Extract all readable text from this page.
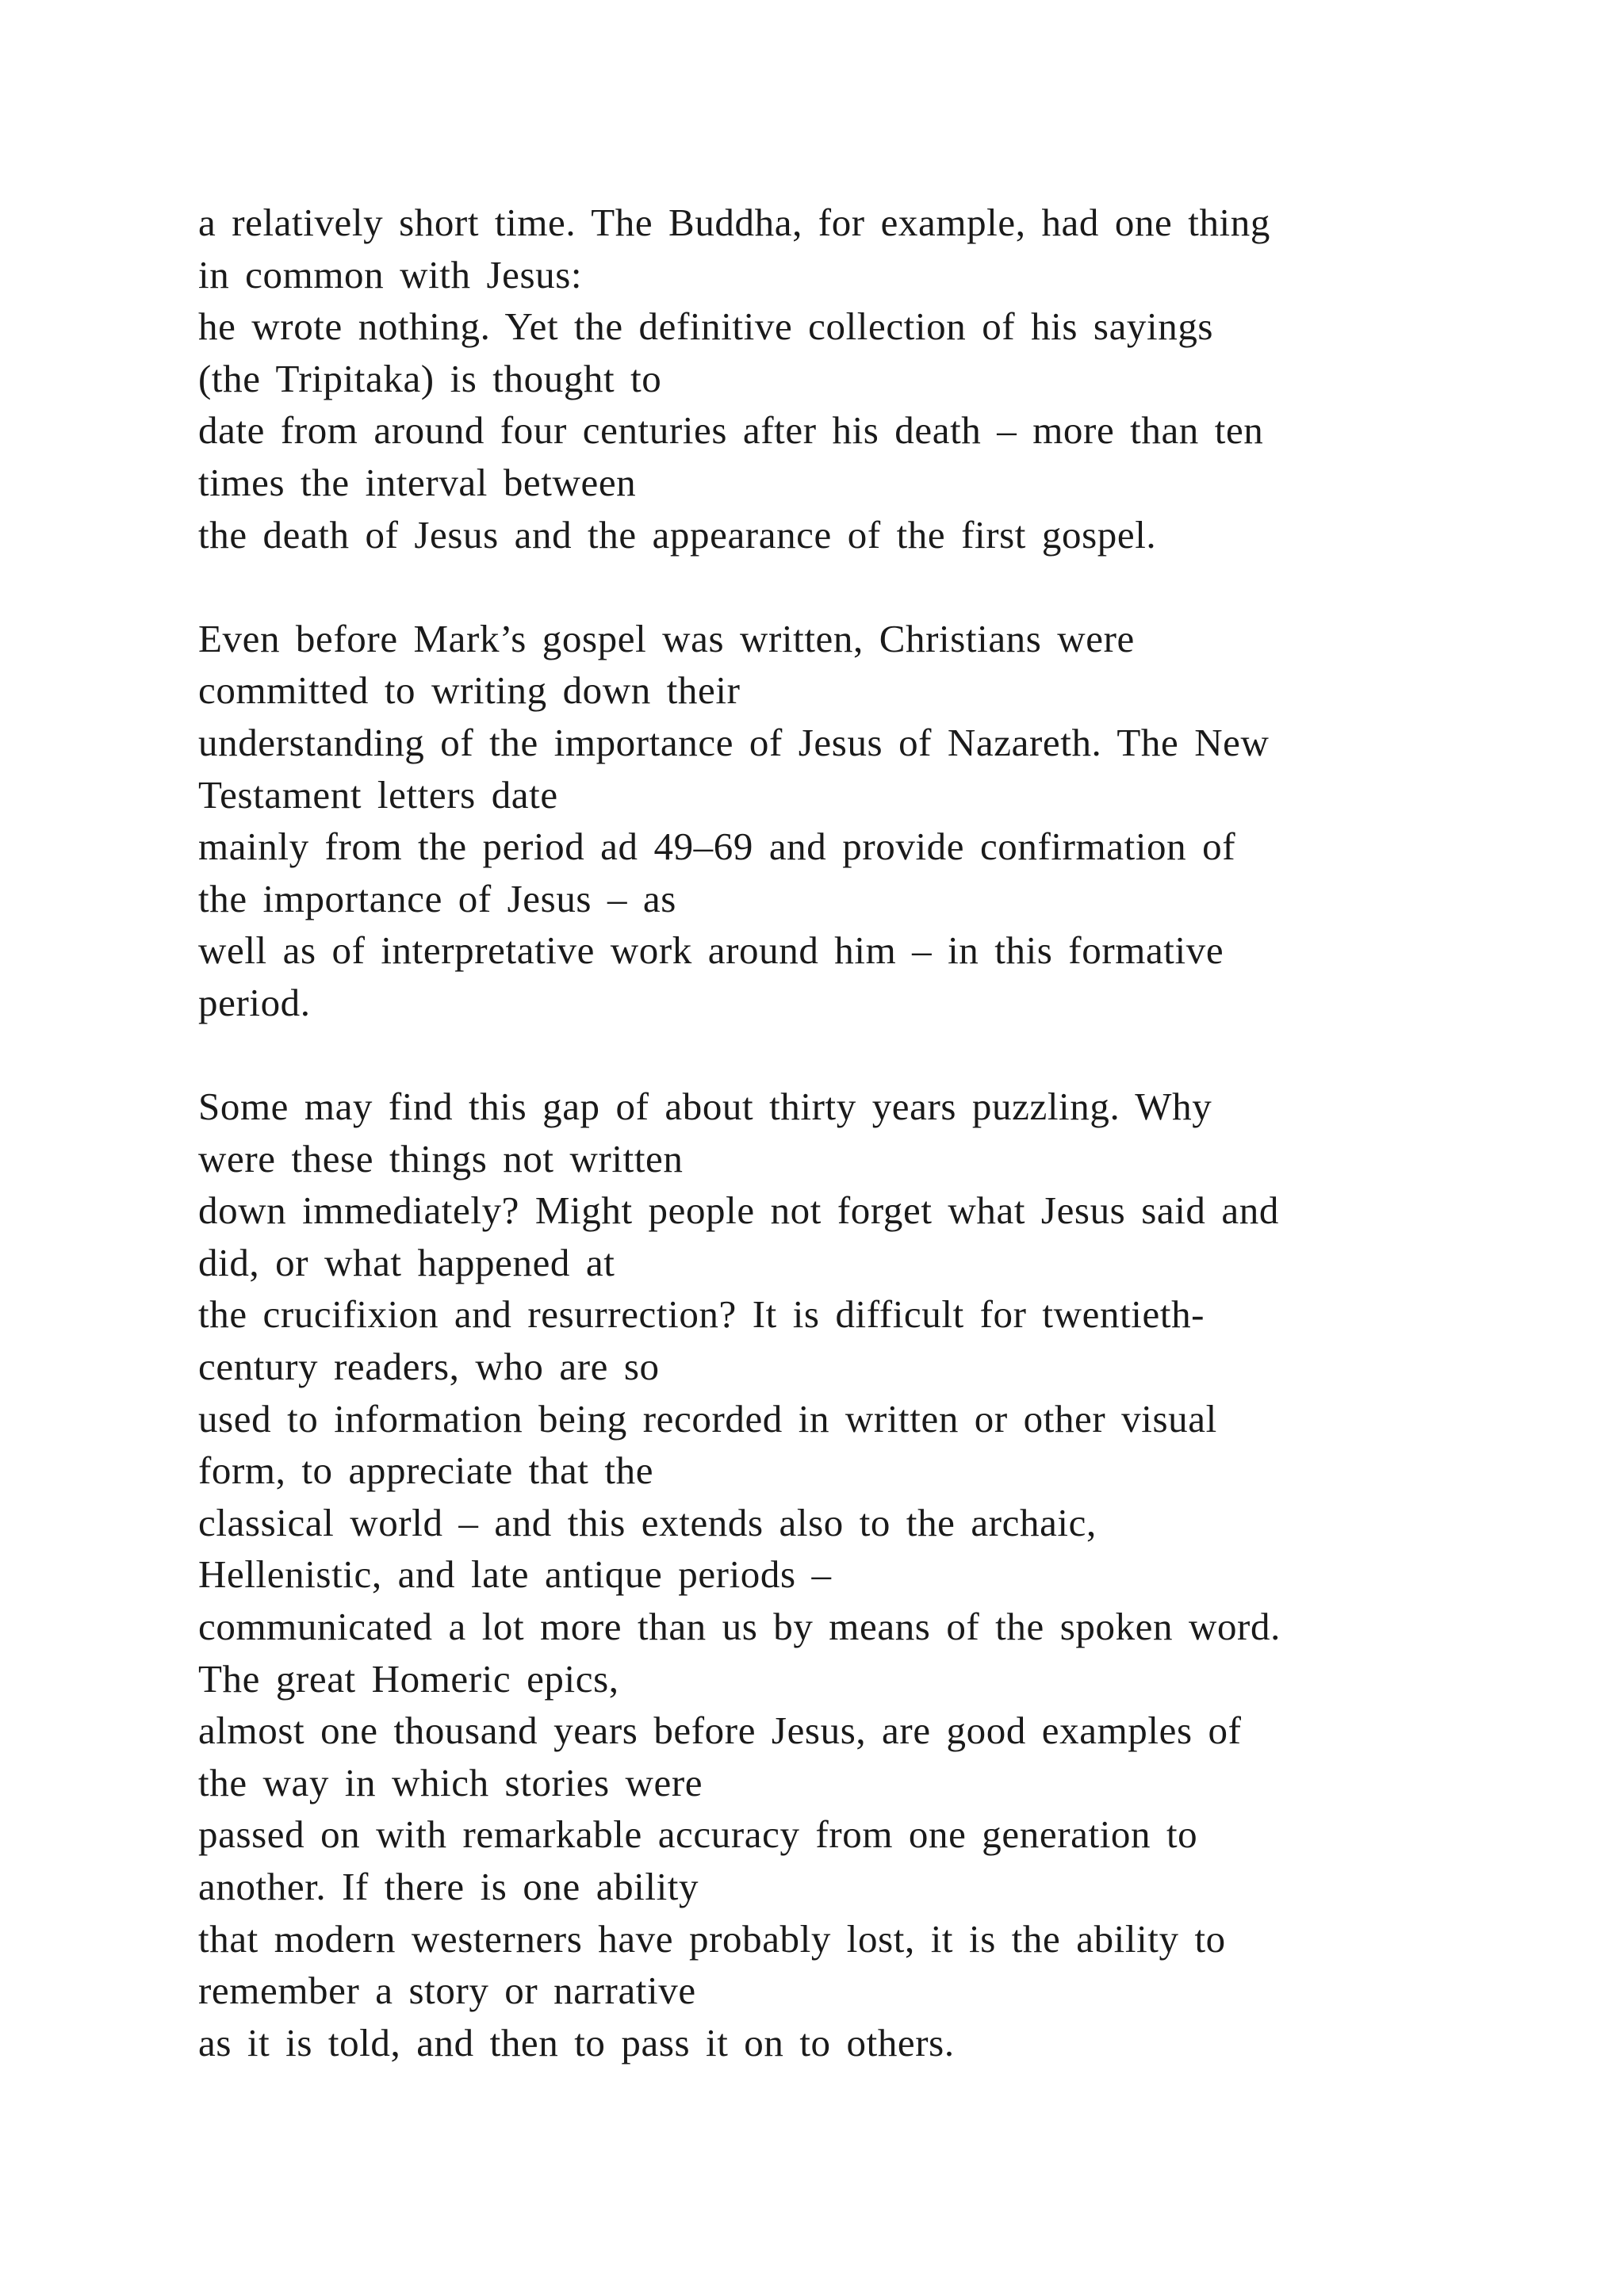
a relatively short time. The Buddha, for example, had one thing
in common with Jesus:
he wrote nothing. Yet the definitive collection of his sayings
(the Tripitaka) is thought to
date from around four centuries after his death – more than ten
times the interval between
the death of Jesus and the appearance of the first gospel.
Even before Mark’s gospel was written, Christians were
committed to writing down their
understanding of the importance of Jesus of Nazareth. The New
Testament letters date
mainly from the period ad 49–69 and provide confirmation of
the importance of Jesus – as
well as of interpretative work around him – in this formative
period.
Some may find this gap of about thirty years puzzling. Why
were these things not written
down immediately? Might people not forget what Jesus said and
did, or what happened at
the crucifixion and resurrection? It is difficult for twentieth-
century readers, who are so
used to information being recorded in written or other visual
form, to appreciate that the
classical world – and this extends also to the archaic,
Hellenistic, and late antique periods –
communicated a lot more than us by means of the spoken word.
The great Homeric epics,
almost one thousand years before Jesus, are good examples of
the way in which stories were
passed on with remarkable accuracy from one generation to
another. If there is one ability
that modern westerners have probably lost, it is the ability to
remember a story or narrative
as it is told, and then to pass it on to others.
